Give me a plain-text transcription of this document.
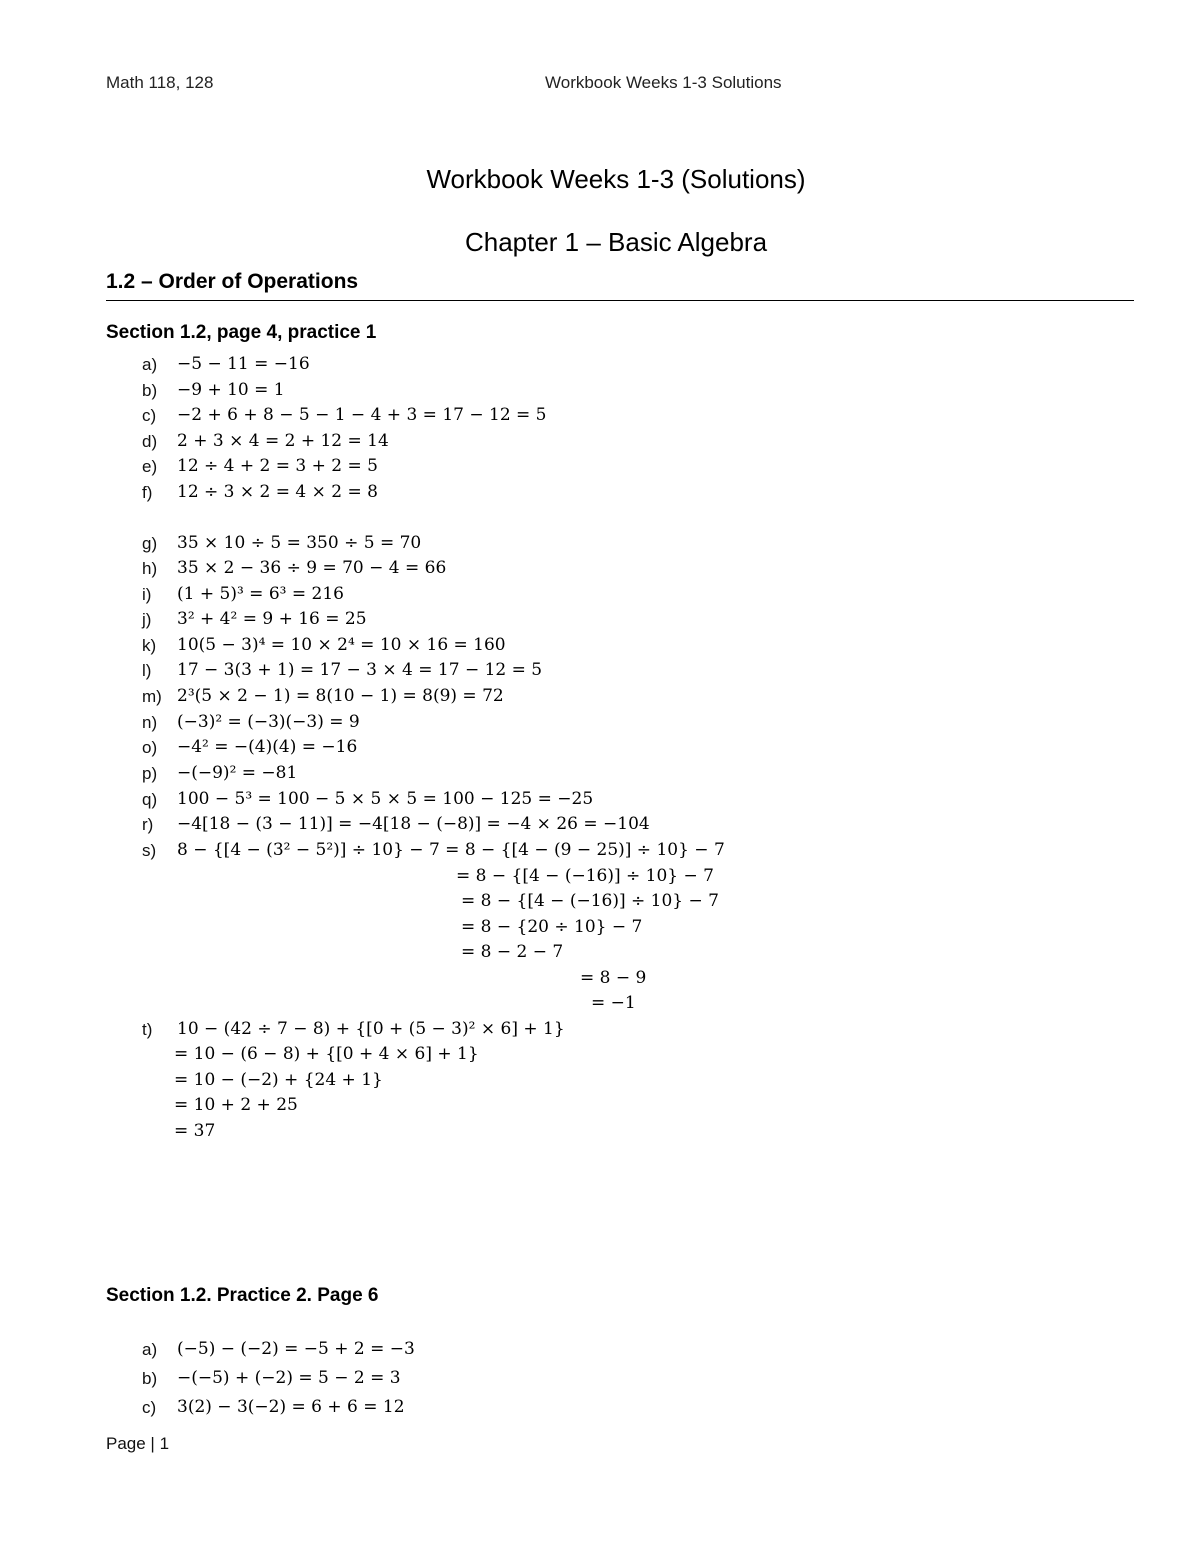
Math 118, 128	Workbook Weeks 1-3 Solutions
Workbook Weeks 1-3 (Solutions)
Chapter 1 – Basic Algebra
1.2 – Order of Operations
Section 1.2, page 4, practice 1
a) −5 − 11 = −16
b) −9 + 10 = 1
c) −2 + 6 + 8 − 5 − 1 − 4 + 3 = 17 − 12 = 5
d) 2 + 3 × 4 = 2 + 12 = 14
e) 12 ÷ 4 + 2 = 3 + 2 = 5
f) 12 ÷ 3 × 2 = 4 × 2 = 8
g) 35 × 10 ÷ 5 = 350 ÷ 5 = 70
h) 35 × 2 − 36 ÷ 9 = 70 − 4 = 66
i) (1 + 5)³ = 6³ = 216
j) 3² + 4² = 9 + 16 = 25
k) 10(5 − 3)⁴ = 10 × 2⁴ = 10 × 16 = 160
l) 17 − 3(3 + 1) = 17 − 3 × 4 = 17 − 12 = 5
m) 2³(5 × 2 − 1) = 8(10 − 1) = 8(9) = 72
n) (−3)² = (−3)(−3) = 9
o) −4² = −(4)(4) = −16
p) −(−9)² = −81
q) 100 − 5³ = 100 − 5 × 5 × 5 = 100 − 125 = −25
r) −4[18 − (3 − 11)] = −4[18 − (−8)] = −4 × 26 = −104
s) 8 − {[4 − (3² − 5²)] ÷ 10} − 7 = 8 − {[4 − (9 − 25)] ÷ 10} − 7
= 8 − {[4 − (−16)] ÷ 10} − 7
= 8 − {[4 − (−16)] ÷ 10} − 7
= 8 − {20 ÷ 10} − 7
= 8 − 2 − 7
= 8 − 9
= −1
t) 10 − (42 ÷ 7 − 8) + {[0 + (5 − 3)² × 6] + 1}
= 10 − (6 − 8) + {[0 + 4 × 6] + 1}
= 10 − (−2) + {24 + 1}
= 10 + 2 + 25
= 37
Section 1.2. Practice 2. Page 6
a) (−5) − (−2) = −5 + 2 = −3
b) −(−5) + (−2) = 5 − 2 = 3
c) 3(2) − 3(−2) = 6 + 6 = 12
Page | 1
